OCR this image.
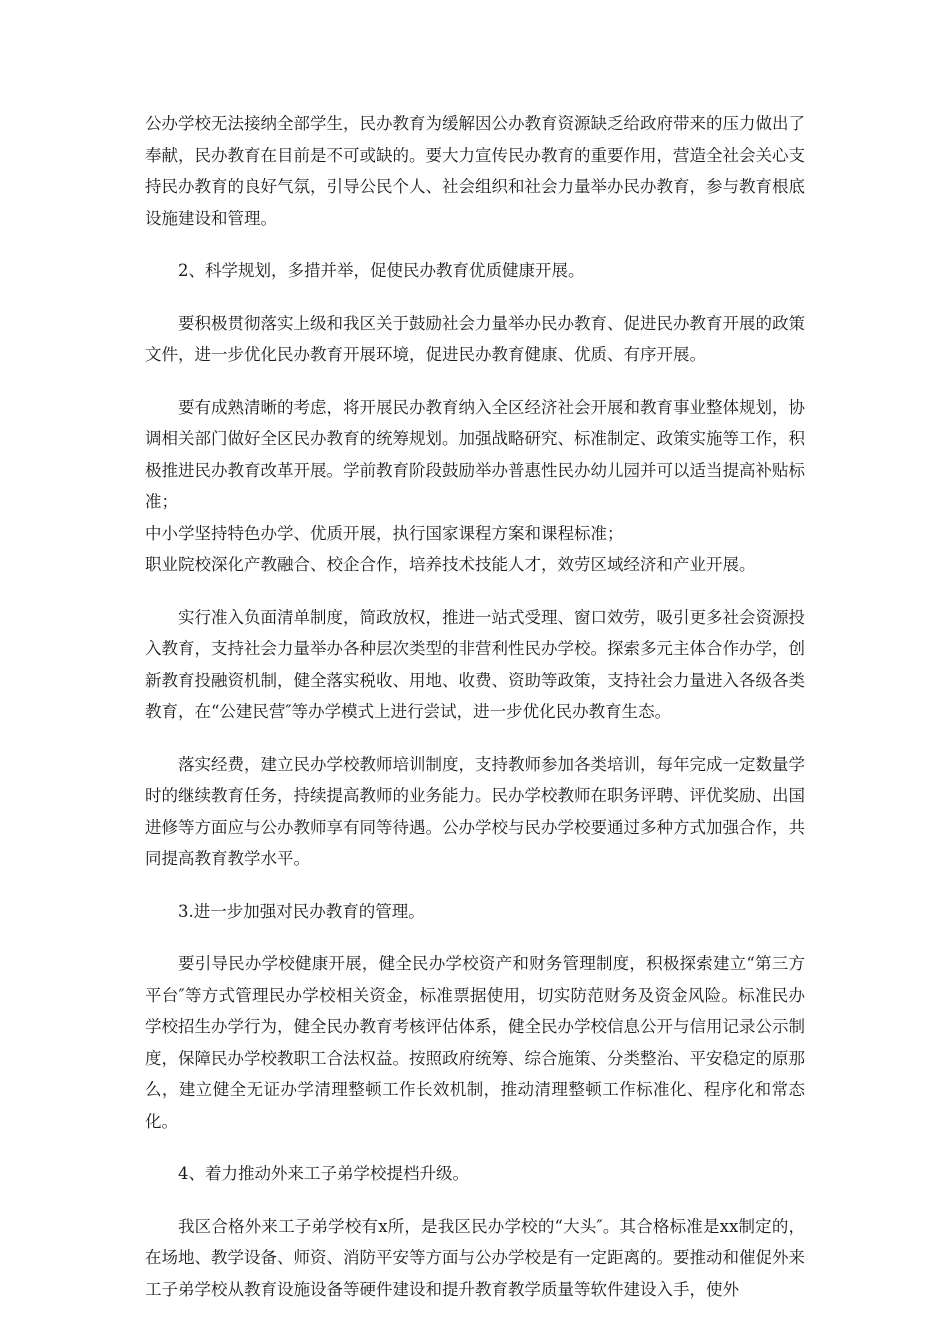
公办学校无法接纳全部学生，民办教育为缓解因公办教育资源缺乏给政府带来的压力做出了奉献，民办教育在目前是不可或缺的。要大力宣传民办教育的重要作用，营造全社会关心支持民办教育的良好气氛，引导公民个人、社会组织和社会力量举办民办教育，参与教育根底设施建设和管理。

2、科学规划，多措并举，促使民办教育优质健康开展。

要积极贯彻落实上级和我区关于鼓励社会力量举办民办教育、促进民办教育开展的政策文件，进一步优化民办教育开展环境，促进民办教育健康、优质、有序开展。

要有成熟清晰的考虑，将开展民办教育纳入全区经济社会开展和教育事业整体规划，协调相关部门做好全区民办教育的统筹规划。加强战略研究、标准制定、政策实施等工作，积极推进民办教育改革开展。学前教育阶段鼓励举办普惠性民办幼儿园并可以适当提高补贴标准；

中小学坚持特色办学、优质开展，执行国家课程方案和课程标准；

职业院校深化产教融合、校企合作，培养技术技能人才，效劳区域经济和产业开展。

实行准入负面清单制度，简政放权，推进一站式受理、窗口效劳，吸引更多社会资源投入教育，支持社会力量举办各种层次类型的非营利性民办学校。探索多元主体合作办学，创新教育投融资机制，健全落实税收、用地、收费、资助等政策，支持社会力量进入各级各类教育，在“公建民营″等办学模式上进行尝试，进一步优化民办教育生态。

落实经费，建立民办学校教师培训制度，支持教师参加各类培训，每年完成一定数量学时的继续教育任务，持续提高教师的业务能力。民办学校教师在职务评聘、评优奖励、出国进修等方面应与公办教师享有同等待遇。公办学校与民办学校要通过多种方式加强合作，共同提高教育教学水平。

3.进一步加强对民办教育的管理。

要引导民办学校健康开展，健全民办学校资产和财务管理制度，积极探索建立“第三方平台″等方式管理民办学校相关资金，标准票据使用，切实防范财务及资金风险。标准民办学校招生办学行为，健全民办教育考核评估体系，健全民办学校信息公开与信用记录公示制度，保障民办学校教职工合法权益。按照政府统筹、综合施策、分类整治、平安稳定的原那么，建立健全无证办学清理整顿工作长效机制，推动清理整顿工作标准化、程序化和常态化。

4、着力推动外来工子弟学校提档升级。

我区合格外来工子弟学校有x所，是我区民办学校的“大头″。其合格标准是xx制定的，在场地、教学设备、师资、消防平安等方面与公办学校是有一定距离的。要推动和催促外来工子弟学校从教育设施设备等硬件建设和提升教育教学质量等软件建设入手，使外
